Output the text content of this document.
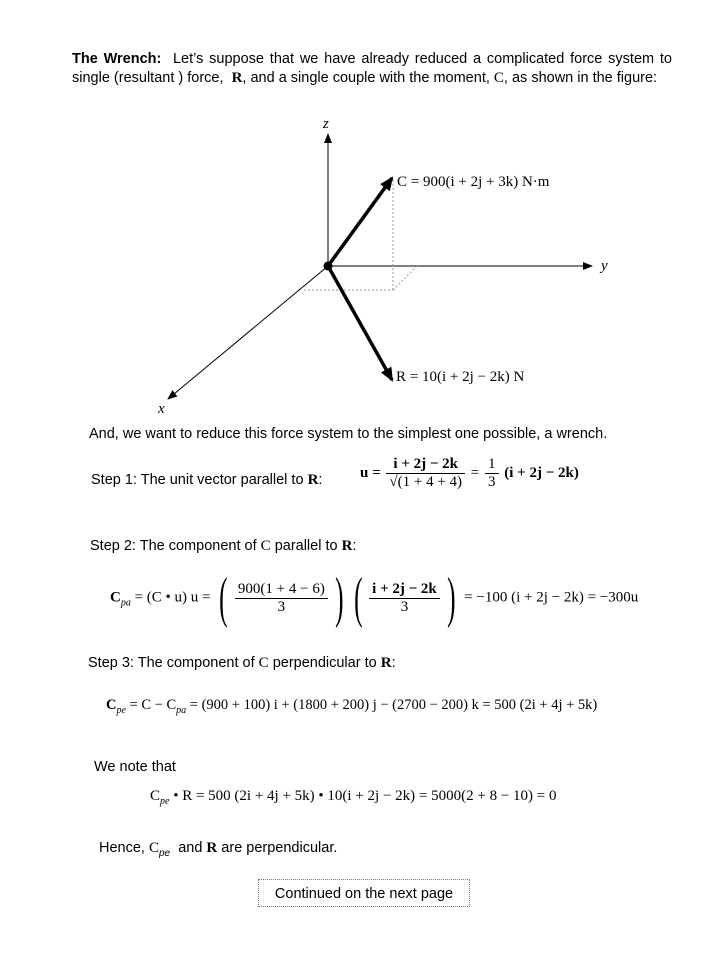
The Wrench: Let’s suppose that we have already reduced a complicated force system to single (resultant ) force, R, and a single couple with the moment, C, as shown in the figure:
z
y
x
C = 900(i + 2j + 3k) N·m
R = 10(i + 2j − 2k) N
And, we want to reduce this force system to the simplest one possible, a wrench.
Step 1: The unit vector parallel to R:	$u = \frac{i + 2j - 2k}{√(1 + 4 + 4)} = \frac{1}{3} (i + 2j - 2k)$
Step 2: The component of C parallel to R:
$C_{pa} = (C$ • u) u = ( $\frac{900(1 + 4 - 6)}{3}$ ) ( $\frac{i + 2j - 2k}{3}$ ) = −100 (i + 2j − 2k) = −300u
Step 3: The component of C perpendicular to R:
$C_{pe} = C - C_{pa} = (900 + 100) i + (1800 + 200) j - (2700 - 200) k = 500$ (2i + 4j + 5k)
We note that
$C_{pe}$ • R = 500 (2i + 4j + 5k) • 10(i + 2j − 2k) = 5000(2 + 8 − 10) = 0
Hence, $C_{pe}$ and R are perpendicular.
Continued on the next page
